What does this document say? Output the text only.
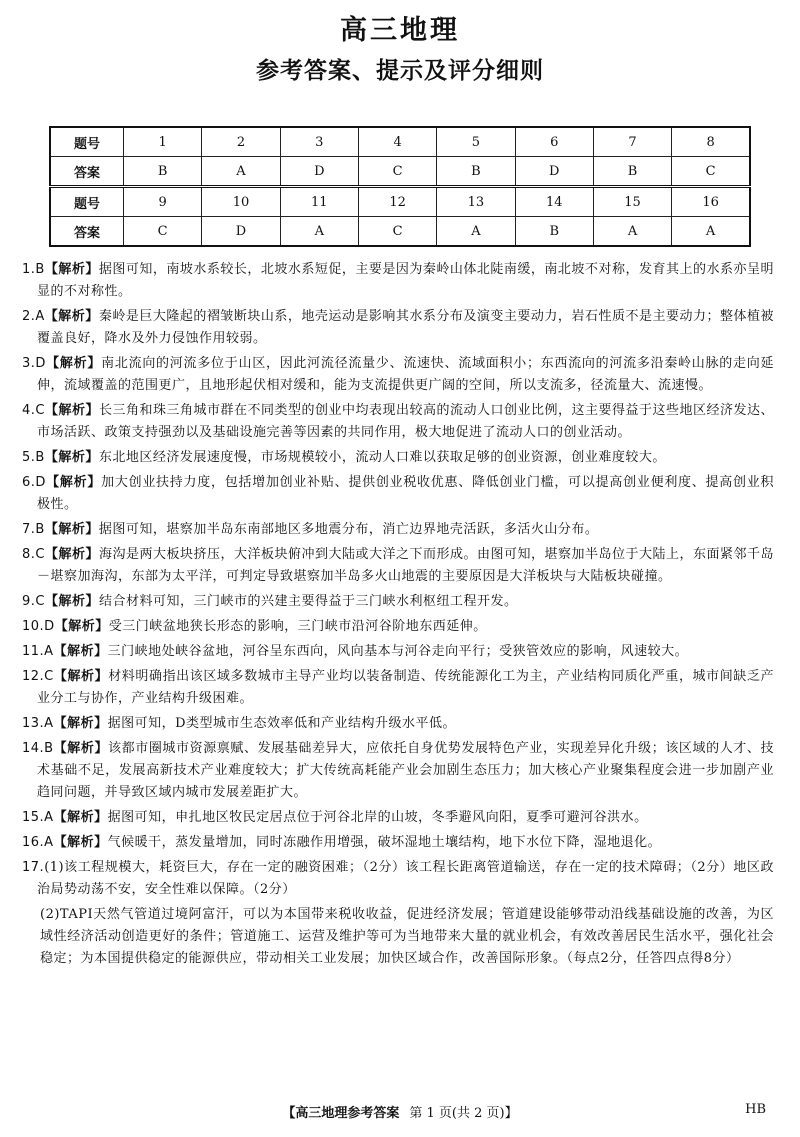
高三地理
参考答案、提示及评分细则
题号	1	2	3	4	5	6	7	8
答案	B	A	D	C	B	D	B	C
题号	9	10	11	12	13	14	15	16
答案	C	D	A	C	A	B	A	A
1.B【解析】据图可知，南坡水系较长，北坡水系短促，主要是因为秦岭山体北陡南缓，南北坡不对称，发育其上的水系亦呈明显的不对称性。
2.A【解析】秦岭是巨大隆起的褶皱断块山系，地壳运动是影响其水系分布及演变主要动力，岩石性质不是主要动力；整体植被覆盖良好，降水及外力侵蚀作用较弱。
3.D【解析】南北流向的河流多位于山区，因此河流径流量少、流速快、流域面积小；东西流向的河流多沿秦岭山脉的走向延伸，流域覆盖的范围更广，且地形起伏相对缓和，能为支流提供更广阔的空间，所以支流多，径流量大、流速慢。
4.C【解析】长三角和珠三角城市群在不同类型的创业中均表现出较高的流动人口创业比例，这主要得益于这些地区经济发达、市场活跃、政策支持强劲以及基础设施完善等因素的共同作用，极大地促进了流动人口的创业活动。
5.B【解析】东北地区经济发展速度慢，市场规模较小，流动人口难以获取足够的创业资源，创业难度较大。
6.D【解析】加大创业扶持力度，包括增加创业补贴、提供创业税收优惠、降低创业门槛，可以提高创业便利度、提高创业积极性。
7.B【解析】据图可知，堪察加半岛东南部地区多地震分布，消亡边界地壳活跃，多活火山分布。
8.C【解析】海沟是两大板块挤压，大洋板块俯冲到大陆或大洋之下而形成。由图可知，堪察加半岛位于大陆上，东面紧邻千岛－堪察加海沟，东部为太平洋，可判定导致堪察加半岛多火山地震的主要原因是大洋板块与大陆板块碰撞。
9.C【解析】结合材料可知，三门峡市的兴建主要得益于三门峡水利枢纽工程开发。
10.D【解析】受三门峡盆地狭长形态的影响，三门峡市沿河谷阶地东西延伸。
11.A【解析】三门峡地处峡谷盆地，河谷呈东西向，风向基本与河谷走向平行；受狭管效应的影响，风速较大。
12.C【解析】材料明确指出该区域多数城市主导产业均以装备制造、传统能源化工为主，产业结构同质化严重，城市间缺乏产业分工与协作，产业结构升级困难。
13.A【解析】据图可知，D类型城市生态效率低和产业结构升级水平低。
14.B【解析】该都市圈城市资源禀赋、发展基础差异大，应依托自身优势发展特色产业，实现差异化升级；该区域的人才、技术基础不足，发展高新技术产业难度较大；扩大传统高耗能产业会加剧生态压力；加大核心产业聚集程度会进一步加剧产业趋同问题，并导致区域内城市发展差距扩大。
15.A【解析】据图可知，申扎地区牧民定居点位于河谷北岸的山坡，冬季避风向阳，夏季可避河谷洪水。
16.A【解析】气候暖干，蒸发量增加，同时冻融作用增强，破坏湿地土壤结构，地下水位下降，湿地退化。
17.(1)该工程规模大，耗资巨大，存在一定的融资困难；（2分）该工程长距离管道输送，存在一定的技术障碍；（2分）地区政治局势动荡不安，安全性难以保障。（2分）
(2)TAPI天然气管道过境阿富汗，可以为本国带来税收收益，促进经济发展；管道建设能够带动沿线基础设施的改善，为区域性经济活动创造更好的条件；管道施工、运营及维护等可为当地带来大量的就业机会，有效改善居民生活水平，强化社会稳定；为本国提供稳定的能源供应，带动相关工业发展；加快区域合作，改善国际形象。（每点2分，任答四点得8分）
【高三地理参考答案 第 1 页(共 2 页)】	HB
